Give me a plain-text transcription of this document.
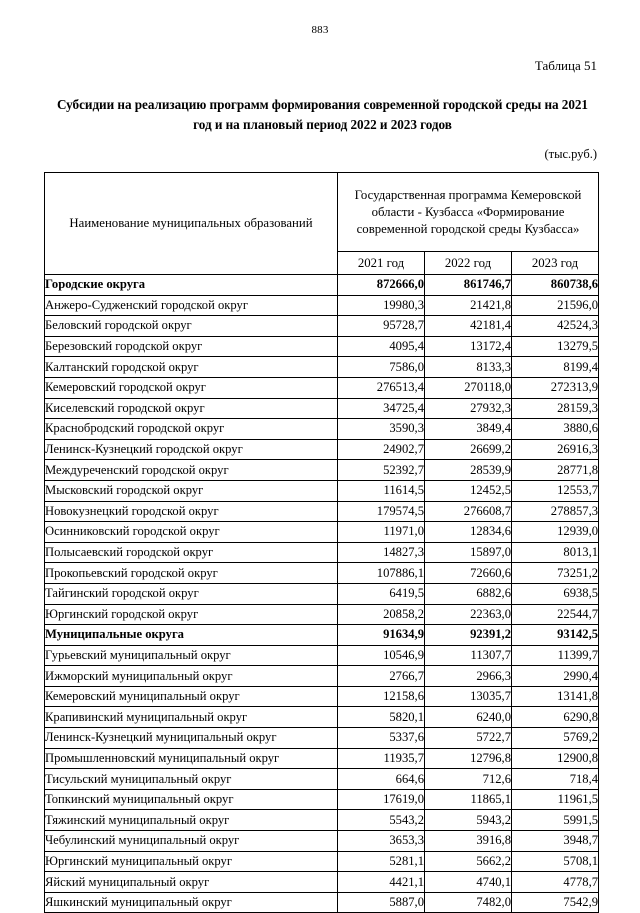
883
Таблица 51
Субсидии на реализацию программ формирования современной городской среды на 2021 год и на плановый период 2022 и 2023 годов
(тыс.руб.)
Наименование муниципальных образований	Государственная программа Кемеровской области - Кузбасса «Формирование современной городской среды Кузбасса»		
	2021 год	2022 год	2023 год
Городские округа	872666,0	861746,7	860738,6
Анжеро-Судженский городской округ	19980,3	21421,8	21596,0
Беловский городской округ	95728,7	42181,4	42524,3
Березовский городской округ	4095,4	13172,4	13279,5
Калтанский городской округ	7586,0	8133,3	8199,4
Кемеровский городской округ	276513,4	270118,0	272313,9
Киселевский городской округ	34725,4	27932,3	28159,3
Краснобродский городской округ	3590,3	3849,4	3880,6
Ленинск-Кузнецкий городской округ	24902,7	26699,2	26916,3
Междуреченский городской округ	52392,7	28539,9	28771,8
Мысковский городской округ	11614,5	12452,5	12553,7
Новокузнецкий городской округ	179574,5	276608,7	278857,3
Осинниковский городской округ	11971,0	12834,6	12939,0
Полысаевский городской округ	14827,3	15897,0	8013,1
Прокопьевский городской округ	107886,1	72660,6	73251,2
Тайгинский городской округ	6419,5	6882,6	6938,5
Юргинский городской округ	20858,2	22363,0	22544,7
Муниципальные округа	91634,9	92391,2	93142,5
Гурьевский муниципальный округ	10546,9	11307,7	11399,7
Ижморский муниципальный округ	2766,7	2966,3	2990,4
Кемеровский муниципальный округ	12158,6	13035,7	13141,8
Крапивинский муниципальный округ	5820,1	6240,0	6290,8
Ленинск-Кузнецкий муниципальный округ	5337,6	5722,7	5769,2
Промышленновский муниципальный округ	11935,7	12796,8	12900,8
Тисульский муниципальный округ	664,6	712,6	718,4
Топкинский муниципальный округ	17619,0	11865,1	11961,5
Тяжинский муниципальный округ	5543,2	5943,2	5991,5
Чебулинский муниципальный округ	3653,3	3916,8	3948,7
Юргинский муниципальный округ	5281,1	5662,2	5708,1
Яйский муниципальный округ	4421,1	4740,1	4778,7
Яшкинский муниципальный округ	5887,0	7482,0	7542,9
